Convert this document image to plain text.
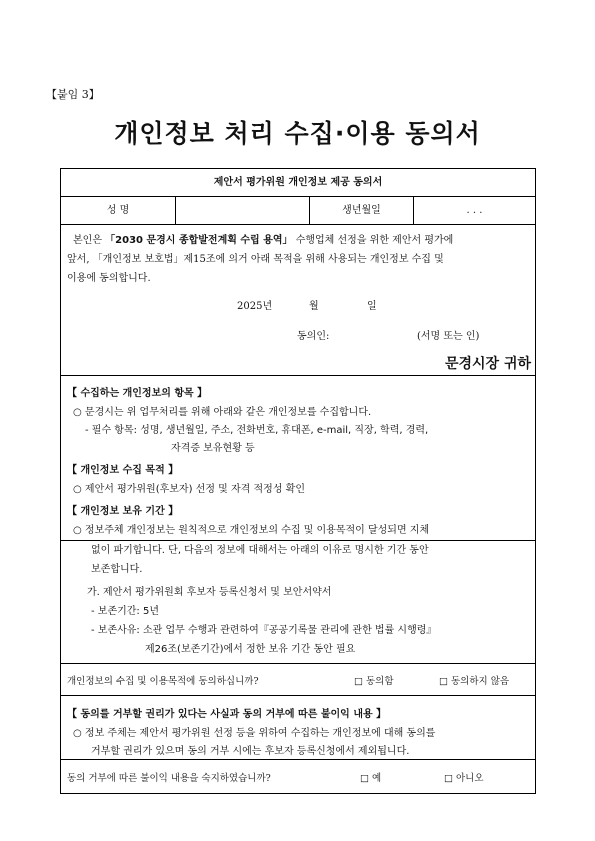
【붙임 3】
개인정보 처리 수집·이용 동의서
제안서 평가위원 개인정보 제공 동의서
성 명	생년월일	. . .
본인은 「2030 문경시 종합발전계획 수립 용역」 수행업체 선정을 위한 제안서 평가에
앞서, 「개인정보 보호법」제15조에 의거 아래 목적을 위해 사용되는 개인정보 수집 및
이용에 동의합니다.
2025년	월	일
동의인:	(서명 또는 인)
문경시장 귀하
【 수집하는 개인정보의 항목 】
○ 문경시는 위 업무처리를 위해 아래와 같은 개인정보를 수집합니다.
- 필수 항목: 성명, 생년월일, 주소, 전화번호, 휴대폰, e-mail, 직장, 학력, 경력,
자격증 보유현황 등
【 개인정보 수집 목적 】
○ 제안서 평가위원(후보자) 선정 및 자격 적정성 확인
【 개인정보 보유 기간 】
○ 정보주체 개인정보는 원칙적으로 개인정보의 수집 및 이용목적이 달성되면 지체
없이 파기합니다. 단, 다음의 정보에 대해서는 아래의 이유로 명시한 기간 동안
보존합니다.
가. 제안서 평가위원회 후보자 등록신청서 및 보안서약서
- 보존기간: 5년
- 보존사유: 소관 업무 수행과 관련하여『공공기록물 관리에 관한 법률 시행령』
제26조(보존기간)에서 정한 보유 기간 동안 필요
개인정보의 수집 및 이용목적에 동의하십니까?	□ 동의함	□ 동의하지 않음
【 동의를 거부할 권리가 있다는 사실과 동의 거부에 따른 불이익 내용 】
○ 정보 주체는 제안서 평가위원 선정 등을 위하여 수집하는 개인정보에 대해 동의를
거부할 권리가 있으며 동의 거부 시에는 후보자 등록신청에서 제외됩니다.
동의 거부에 따른 불이익 내용을 숙지하였습니까?	□ 예	□ 아니오
